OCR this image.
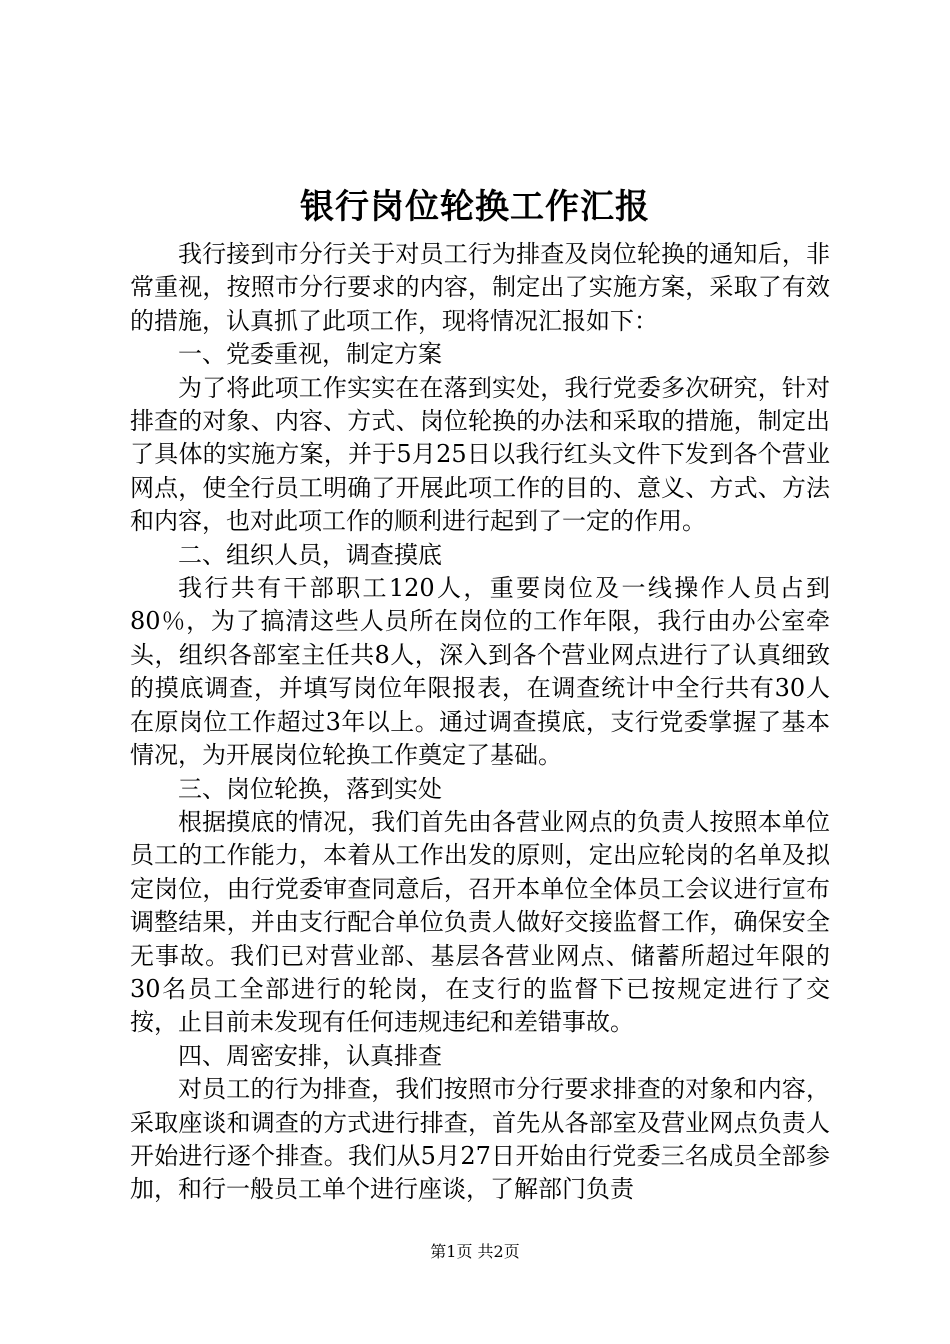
银行岗位轮换工作汇报

我行接到市分行关于对员工行为排查及岗位轮换的通知后，非常重视，按照市分行要求的内容，制定出了实施方案，采取了有效的措施，认真抓了此项工作，现将情况汇报如下：

一、党委重视，制定方案

为了将此项工作实实在在落到实处，我行党委多次研究，针对排查的对象、内容、方式、岗位轮换的办法和采取的措施，制定出了具体的实施方案，并于5月25日以我行红头文件下发到各个营业网点，使全行员工明确了开展此项工作的目的、意义、方式、方法和内容，也对此项工作的顺利进行起到了一定的作用。

二、组织人员，调查摸底

我行共有干部职工120人，重要岗位及一线操作人员占到80％，为了搞清这些人员所在岗位的工作年限，我行由办公室牵头，组织各部室主任共8人，深入到各个营业网点进行了认真细致的摸底调查，并填写岗位年限报表，在调查统计中全行共有30人在原岗位工作超过3年以上。通过调查摸底，支行党委掌握了基本情况，为开展岗位轮换工作奠定了基础。

三、岗位轮换，落到实处

根据摸底的情况，我们首先由各营业网点的负责人按照本单位员工的工作能力，本着从工作出发的原则，定出应轮岗的名单及拟定岗位，由行党委审查同意后，召开本单位全体员工会议进行宣布调整结果，并由支行配合单位负责人做好交接监督工作，确保安全无事故。我们已对营业部、基层各营业网点、储蓄所超过年限的30名员工全部进行的轮岗，在支行的监督下已按规定进行了交按，止目前未发现有任何违规违纪和差错事故。

四、周密安排，认真排查

对员工的行为排查，我们按照市分行要求排查的对象和内容，采取座谈和调查的方式进行排查，首先从各部室及营业网点负责人开始进行逐个排查。我们从5月27日开始由行党委三名成员全部参加，和行一般员工单个进行座谈，了解部门负责

第1页 共2页
